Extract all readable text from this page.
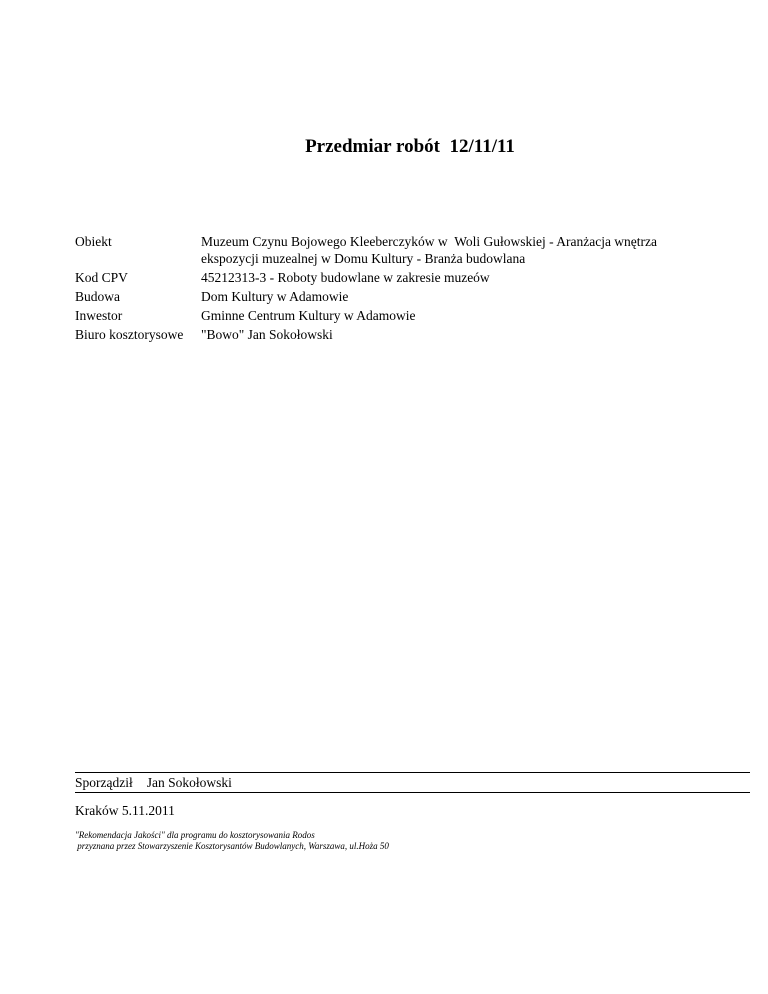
Przedmiar robót  12/11/11
Obiekt	Muzeum Czynu Bojowego Kleeberczyków w  Woli Gułowskiej - Aranżacja wnętrza ekspozycji muzealnej w Domu Kultury - Branża budowlana
Kod CPV	45212313-3 - Roboty budowlane w zakresie muzeów
Budowa	Dom Kultury w Adamowie
Inwestor	Gminne Centrum Kultury w Adamowie
Biuro kosztorysowe	"Bowo" Jan Sokołowski
Sporządził Jan Sokołowski
Kraków 5.11.2011
"Rekomendacja Jakości" dla programu do kosztorysowania Rodos
przyznana przez Stowarzyszenie Kosztorysantów Budowlanych, Warszawa, ul.Hoża 50
